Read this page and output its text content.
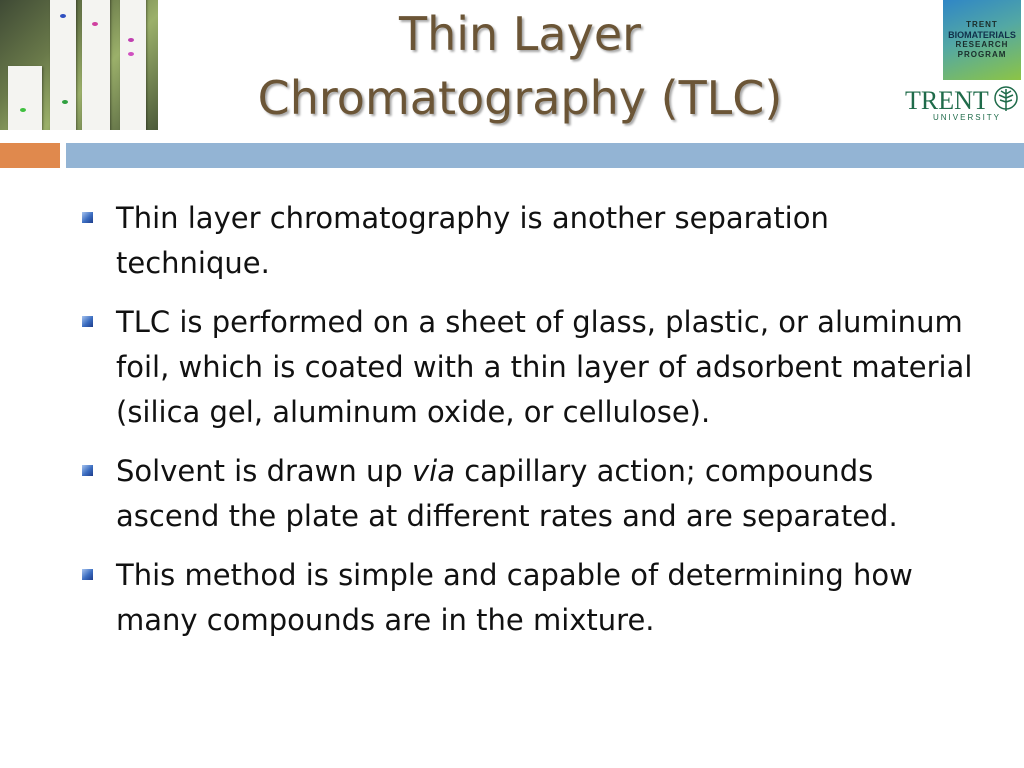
Thin Layer
Chromatography (TLC)
TRENT
BIOMATERIALS
RESEARCH
PROGRAM
TRENT
UNIVERSITY
Thin layer chromatography is another separation technique.
TLC is performed on a sheet of glass, plastic, or aluminum foil, which is coated with a thin layer of adsorbent material (silica gel, aluminum oxide, or cellulose).
Solvent is drawn up via capillary action; compounds ascend the plate at different rates and are separated.
This method is simple and capable of determining how many compounds are in the mixture.
